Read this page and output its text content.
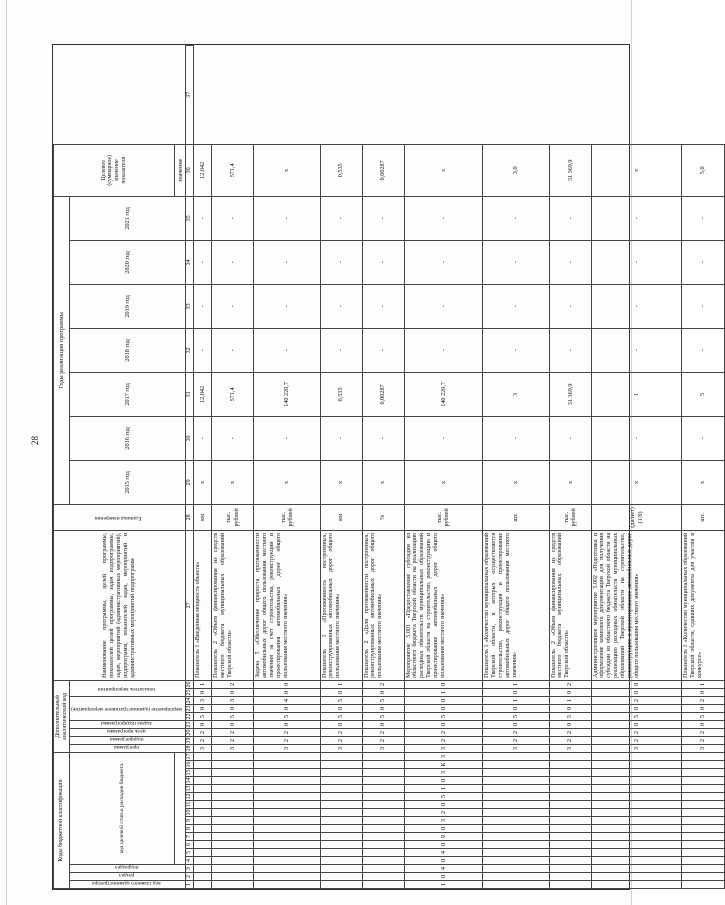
28
Коды бюджетной классификации																	Дополнительный аналитический код									Наименование программы, целей программы, показателей целей программы, задач подпрограммы, задач, мероприятий (административных мероприятий), подпрограмм, показателей задач, мероприятий и административных мероприятий подпрограмм	Единица измерения	Годы реализации программы							Целевое (суммарное) значение показателя	
код главного администратора	раздел	подраздел	код целевой статьи расходов бюджета														программа	подпрограмма	цель программы	задача подпрограммы	мероприятие (административное мероприятие)			показатель мероприятия				2015 год	2016 год	2017 год	2018 год	2019 год	2020 год	2021 год		
																																			значение	
1	2	3	4	5	6	7	8	9	10	11	12	13	14	15	16	17	18	19	20	21	22	23	24	25	26	27	28	29	30	31	32	33	34	35	36	37
																	3	2	2	0	5	0	3	0	1	Показатель 1 «Введенная мощность объекта»	км	x	-	12,042	-	-	-	-	12,042	
																	3	2	2	0	5	0	3	0	2	Показатель 2 «Объем финансирования из средств местного бюджета муниципальных образований Тверской области»	тыс. рублей	x	-	571,4	-	-	-	-	571,4	
																	3	2	2	0	5	0	4	0	0	Задача 5 «Обеспечение прироста протяженности автомобильных дорог общего пользования местного значения за счет строительства, реконструкции и проектирования автомобильных дорог общего пользования местного значения»	тыс. рублей	x	-	140 220,7	-	-	-	-	x	
																	3	2	2	0	5	0	5	0	1	Показатель 1 «Протяженность построенных, реконструированных автомобильных дорог общего пользования местного значения»	км	x	-	0,535	-	-	-	-	0,535	
																	3	2	2	0	5	0	5	0	2	Показатель 2 «Доля протяженности построенных, реконструированных автомобильных дорог общего пользования местного значения»	%	x	-	0,00287	-	-	-	-	0,00287	
1	0	4	0	4	0	9	0	3	2	0	5	1	0	3	К	3	3	2	2	0	5	0	0	1	0	Мероприятие 5.001 «Предоставление субсидии из областного бюджета Тверской области на реализацию расходных обязательств муниципальных образований Тверской области на строительство, реконструкцию и проектирование автомобильных дорог общего пользования местного значения»	тыс. рублей	x	-	140 220,7	-	-	-	-	x	
																	3	2	2	0	5	0	1	0	1	Показатель 1 «Количество муниципальных образований Тверской области, в которых осуществляется строительство, реконструкция и проектирование автомобильных дорог общего пользования местного значения»	шт.	x	-	3	-	-	-	-	3,0	
																	3	2	2	0	5	0	1	0	2	Показатель 2 «Объем финансирования из средств местного бюджета муниципальных образований Тверской области»	тыс. рублей	x	-	31 369,9	-	-	-	-	31 369,9	
																	3	2	2	0	5	0	2	0	0	Административное мероприятие 5.002 «Подготовка и оформление комплекта документации для получения субсидии из областного бюджета Тверской области на реализацию расходных обязательств муниципальных образований Тверской области на строительство, реконструкцию и проектирование автомобильных дорог общего пользования местного значения»	(да/нет) (1/0)	x	-	1	-	-	-	-	x	
																	3	2	2	0	5	0	2	0	1	Показатель 1 «Количество муниципальных образований Тверской области, сдавших документы для участия в конкурсе»	шт.	x	-	5	-	-	-	-	5,0	
